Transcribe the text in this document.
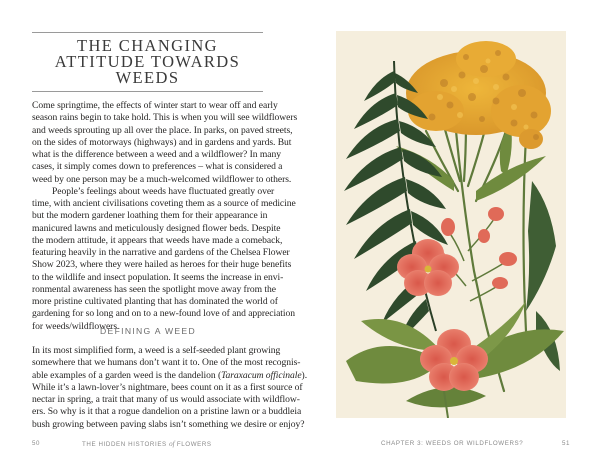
THE CHANGING
ATTITUDE TOWARDS
WEEDS
Come springtime, the effects of winter start to wear off and early
season rains begin to take hold. This is when you will see wildflowers
and weeds sprouting up all over the place. In parks, on paved streets,
on the sides of motorways (highways) and in gardens and yards. But
what is the difference between a weed and a wildflower? In many
cases, it simply comes down to preferences – what is considered a
weed by one person may be a much-welcomed wildflower to others.
People’s feelings about weeds have fluctuated greatly over
time, with ancient civilisations coveting them as a source of medicine
but the modern gardener loathing them for their appearance in
manicured lawns and meticulously designed flower beds. Despite
the modern attitude, it appears that weeds have made a comeback,
featuring heavily in the narrative and gardens of the Chelsea Flower
Show 2023, where they were hailed as heroes for their huge benefits
to the wildlife and insect population. It seems the increase in envi-
ronmental awareness has seen the spotlight move away from the
more pristine cultivated planting that has dominated the world of
gardening for so long and on to a new-found love of and appreciation
for weeds/wildflowers.
DEFINING A WEED
In its most simplified form, a weed is a self-seeded plant growing
somewhere that we humans don’t want it to. One of the most recognis-
able examples of a garden weed is the dandelion (Taraxacum officinale).
While it’s a lawn-lover’s nightmare, bees count on it as a first source of
nectar in spring, a trait that many of us would associate with wildflow-
ers. So why is it that a rogue dandelion on a pristine lawn or a buddleia
bush growing between paving slabs isn’t something we desire or enjoy?
50	THE HIDDEN HISTORIES of FLOWERS	CHAPTER 3: WEEDS OR WILDFLOWERS?	51
